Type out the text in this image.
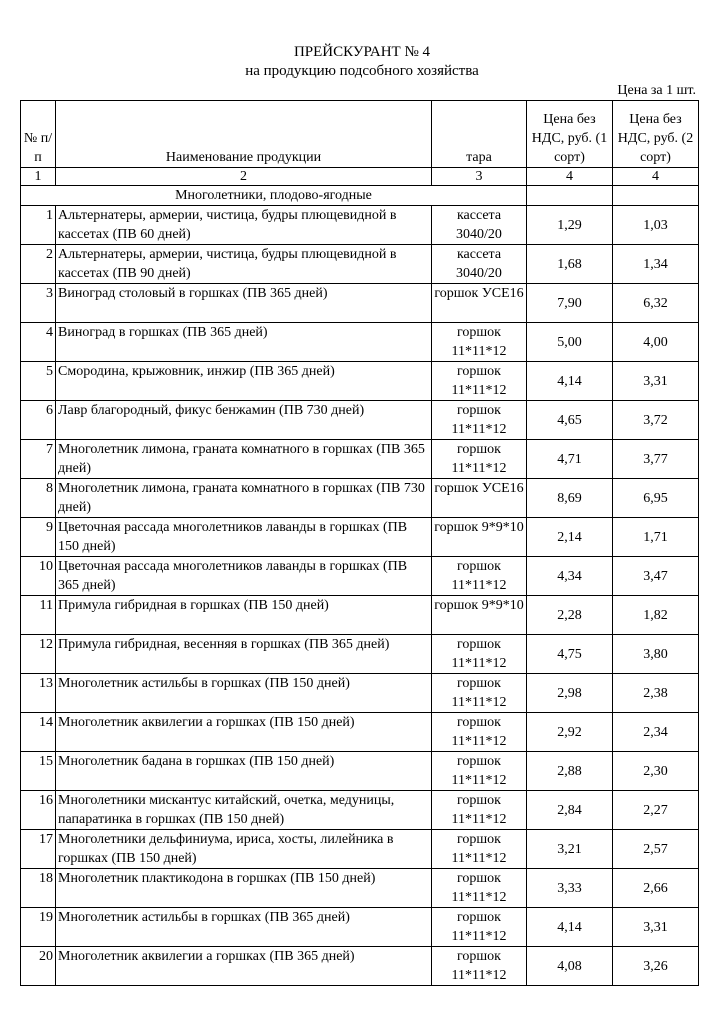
ПРЕЙСКУРАНТ № 4
на продукцию подсобного хозяйства
Цена за 1 шт.
№ п/п	Наименование продукции	тара	Цена без НДС, руб. (1 сорт)	Цена без НДС, руб. (2 сорт)
1	2	3	4	4
Многолетники, плодово-ягодные				
1	Альтернатеры, армерии, чистица, будры плющевидной в кассетах (ПВ 60 дней)	кассета 3040/20	1,29	1,03
2	Альтернатеры, армерии, чистица, будры плющевидной в кассетах (ПВ 90 дней)	кассета 3040/20	1,68	1,34
3	Виноград столовый в горшках (ПВ 365 дней)	горшок УСЕ16	7,90	6,32
4	Виноград в горшках (ПВ 365 дней)	горшок 11*11*12	5,00	4,00
5	Смородина, крыжовник, инжир (ПВ 365 дней)	горшок 11*11*12	4,14	3,31
6	Лавр благородный, фикус бенжамин (ПВ 730 дней)	горшок 11*11*12	4,65	3,72
7	Многолетник лимона, граната комнатного в горшках (ПВ 365 дней)	горшок 11*11*12	4,71	3,77
8	Многолетник лимона, граната комнатного в горшках (ПВ 730 дней)	горшок УСЕ16	8,69	6,95
9	Цветочная рассада многолетников лаванды в горшках (ПВ 150 дней)	горшок 9*9*10	2,14	1,71
10	Цветочная рассада многолетников лаванды в горшках (ПВ 365 дней)	горшок 11*11*12	4,34	3,47
11	Примула гибридная в горшках (ПВ 150 дней)	горшок 9*9*10	2,28	1,82
12	Примула гибридная, весенняя в горшках (ПВ 365 дней)	горшок 11*11*12	4,75	3,80
13	Многолетник астильбы в горшках (ПВ 150 дней)	горшок 11*11*12	2,98	2,38
14	Многолетник аквилегии а горшках (ПВ 150 дней)	горшок 11*11*12	2,92	2,34
15	Многолетник бадана в горшках (ПВ 150 дней)	горшок 11*11*12	2,88	2,30
16	Многолетники мискантус китайский, очетка, медуницы, папаратинка в горшках (ПВ 150 дней)	горшок 11*11*12	2,84	2,27
17	Многолетники дельфиниума, ириса, хосты, лилейника в горшках (ПВ 150 дней)	горшок 11*11*12	3,21	2,57
18	Многолетник плактикодона в горшках (ПВ 150 дней)	горшок 11*11*12	3,33	2,66
19	Многолетник астильбы в горшках (ПВ 365 дней)	горшок 11*11*12	4,14	3,31
20	Многолетник аквилегии а горшках (ПВ 365 дней)	горшок 11*11*12	4,08	3,26
